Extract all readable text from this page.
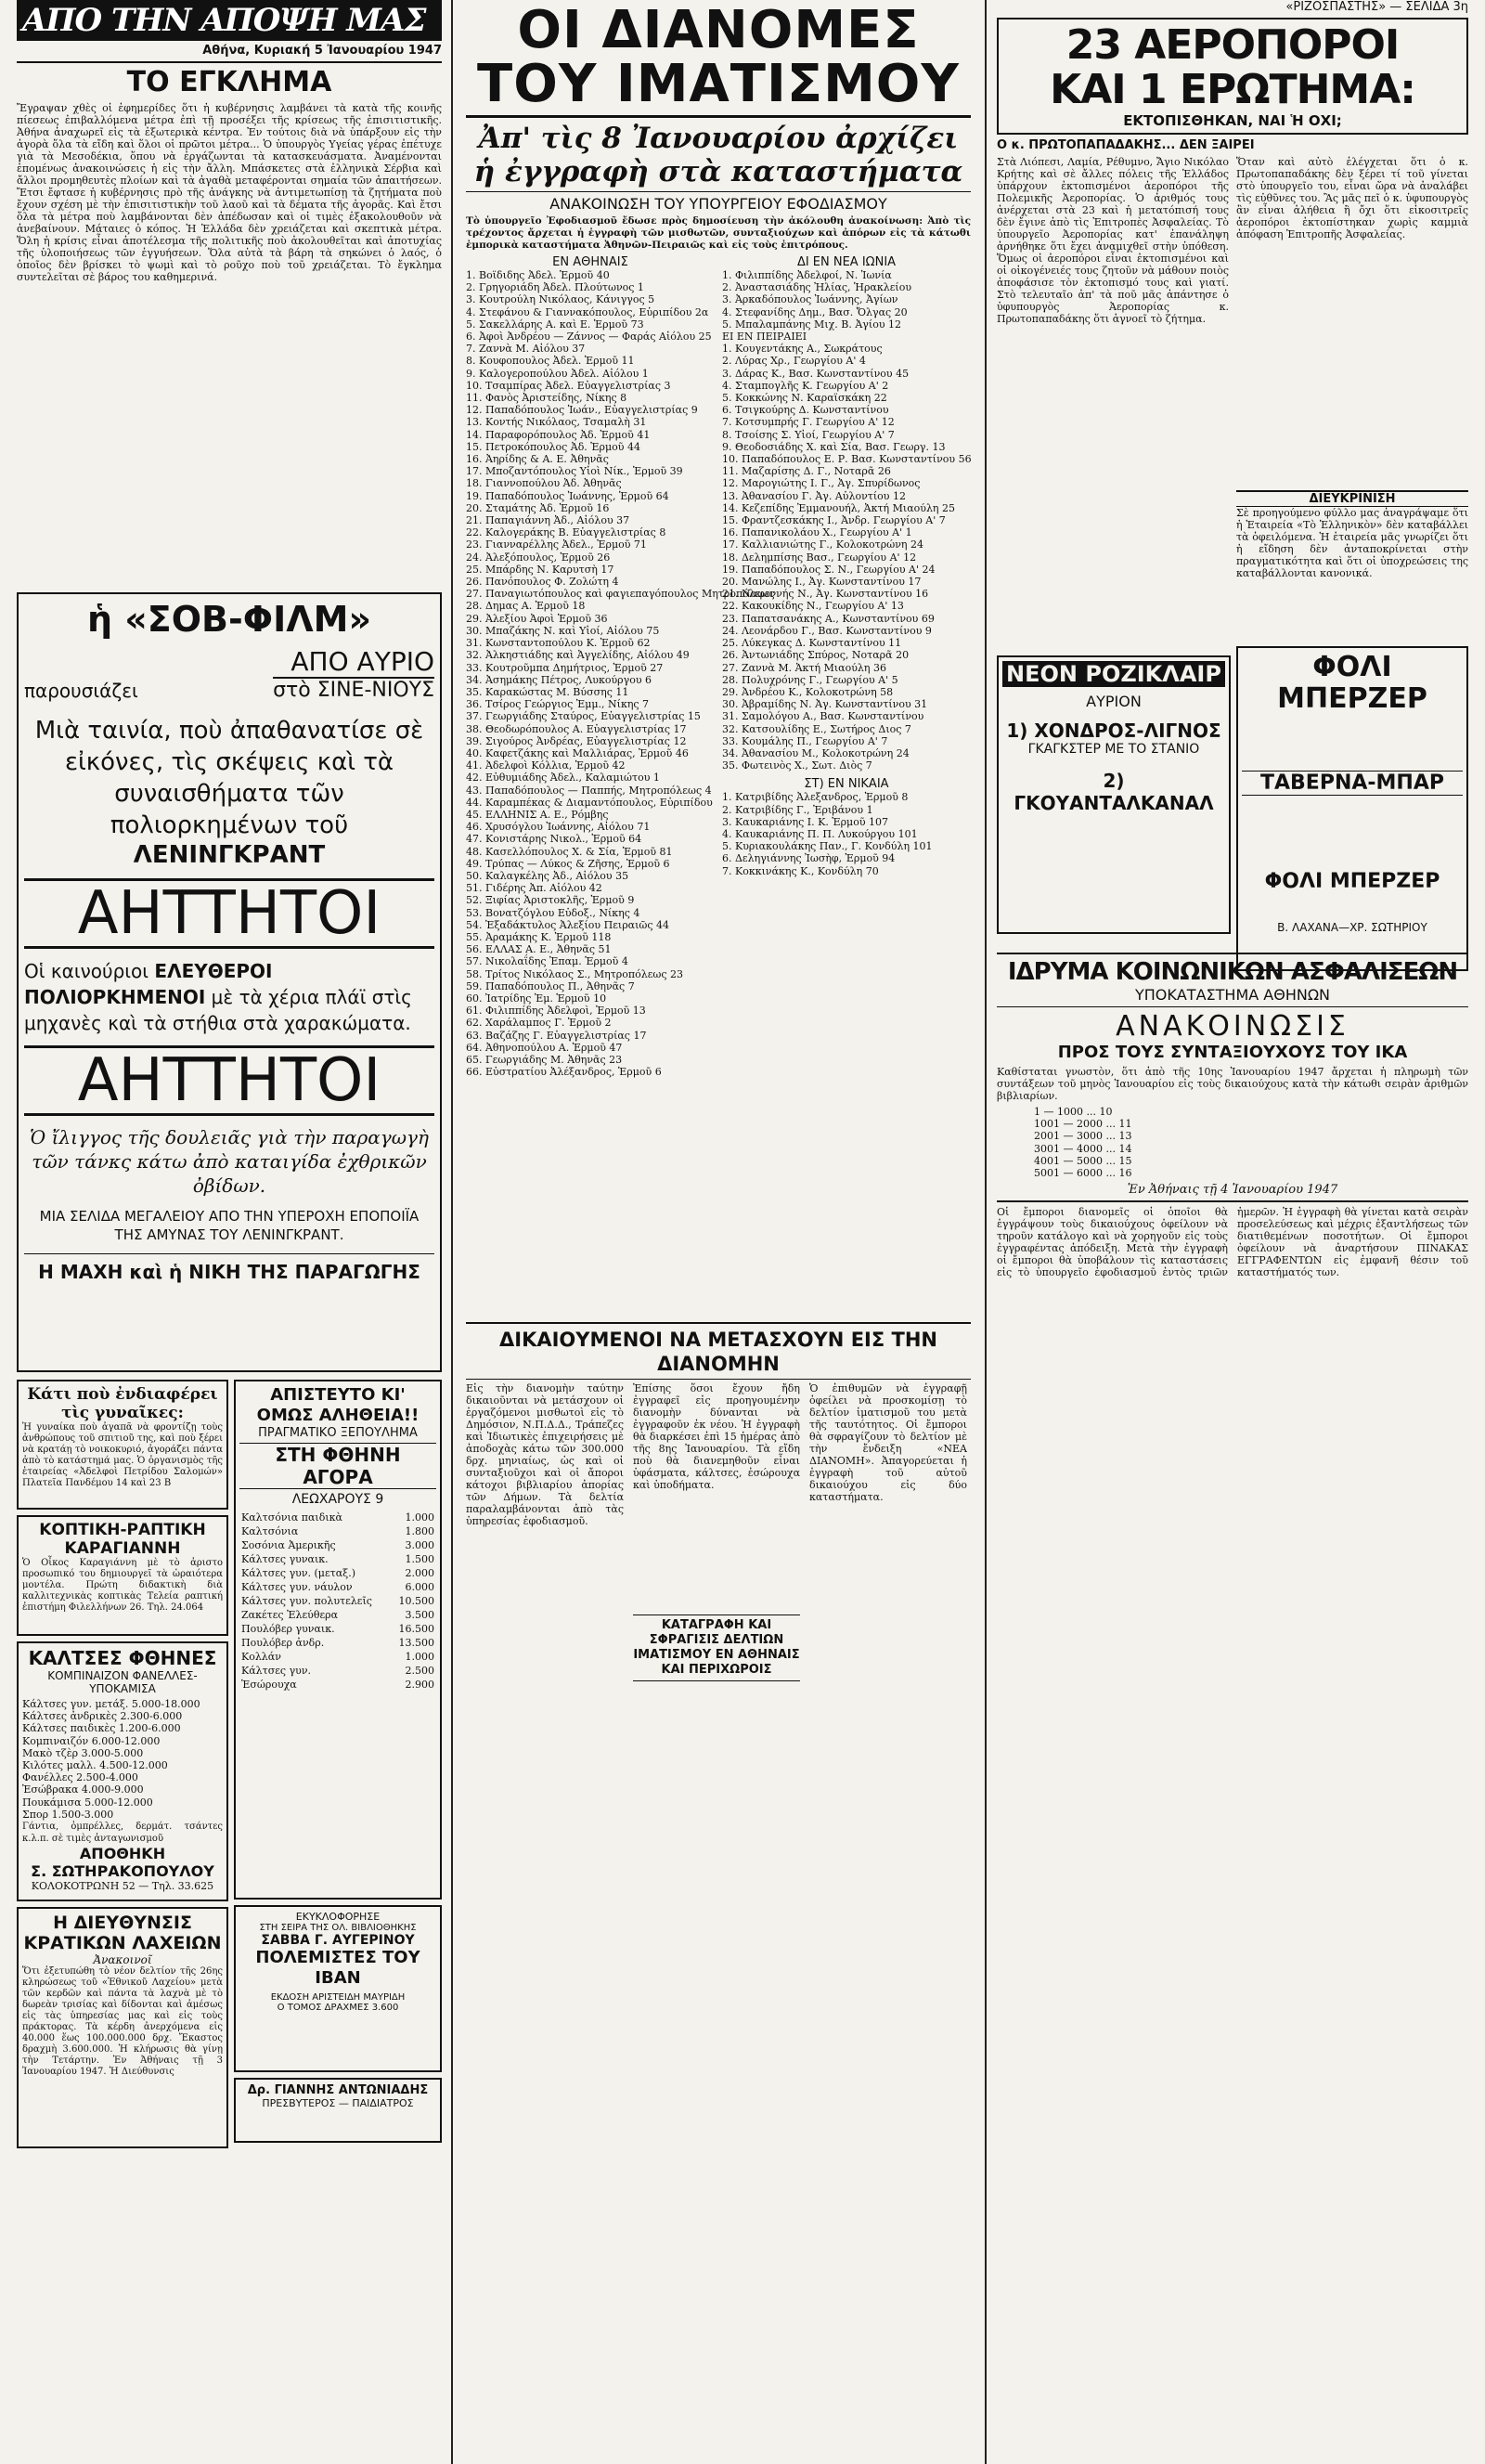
ΑΠΟ ΤΗΝ ΑΠΟΨΗ ΜΑΣ
Αθήνα, Κυριακή 5 Ἰανουαρίου 1947
ΤΟ ΕΓΚΛΗΜΑ

Ἔγραψαν χθὲς οἱ ἐφημερίδες ὅτι ἡ κυβέρνησις λαμβάνει τὰ κατὰ τῆς κοινῆς πίεσεως ἐπιβαλλόμενα μέτρα ἐπὶ τῇ προσέξει τῆς κρίσεως τῆς ἐπισιτιστικῆς. Ἀθήνα ἀναχωρεῖ εἰς τὰ ἐξωτερικὰ κέντρα. Ἐν τούτοις διὰ νὰ ὑπάρξουν εἰς τὴν ἀγορὰ ὅλα τὰ εἴδη καὶ ὅλοι οἱ πρῶτοι μέτρα... Ὁ ὑπουργὸς Υγείας γέρας ἐπέτυχε γιὰ τὰ Μεσοδέκια, ὅπου νὰ ἐργάζωνται τὰ κατασκευάσματα. Ἀναμένονται ἐπομένως ἀνακοινώσεις ἡ εἰς τὴν ἄλλη. Μπάσκετες στὰ ἐλληνικὰ Σέρβια καὶ ἄλλοι προμηθευτὲς πλοίων καὶ τὰ ἀγαθὰ μεταφέρονται σημαία τῶν ἀπαιτήσεων. Ἔτσι ἔφτασε ἡ κυβέρνησις πρὸ τῆς ἀνάγκης νὰ ἀντιμετωπίσῃ τὰ ζητήματα ποὺ ἔχουν σχέση μὲ τὴν ἐπισιτιστικὴν τοῦ λαοῦ καὶ τὰ δέματα τῆς ἀγορᾶς. Καὶ ἔτσι ὅλα τὰ μέτρα ποὺ λαμβάνονται δὲν ἀπέδωσαν καὶ οἱ τιμὲς ἐξακολουθοῦν νὰ ἀνεβαίνουν. Μάταιες ὁ κόπος. Ἡ Ἑλλάδα δὲν χρειάζεται καὶ σκεπτικὰ μέτρα. Ὅλη ἡ κρίσις εἶναι ἀποτέλεσμα τῆς πολιτικῆς ποὺ ἀκολουθεῖται καὶ ἀποτυχίας τῆς ὑλοποιήσεως τῶν ἐγγυήσεων. Ὅλα αὐτὰ τὰ βάρη τὰ σηκώνει ὁ λαός, ὁ ὁποῖος δὲν βρίσκει τὸ ψωμὶ καὶ τὸ ροῦχο ποὺ τοῦ χρειάζεται. Τὸ ἔγκλημα συντελεῖται σὲ βάρος του καθημερινά.

ἡ «ΣΟΒ-ΦΙΛΜ»
παρουσιάζει
ΑΠΟ ΑΥΡΙΟ
στὸ ΣΙΝΕ-ΝΙΟΥΣ

Μιὰ ταινία, ποὺ ἀπαθανατίσε σὲ εἰκόνες, τὶς σκέψεις καὶ τὰ συναισθήματα τῶν πολιορκημένων τοῦ

ΛΕΝΙΝΓΚΡΑΝΤ

ΑΗΤΤΗΤΟΙ

Οἱ καινούριοι ΕΛΕΥΘΕΡΟΙ ΠΟΛΙΟΡΚΗΜΕΝΟΙ μὲ τὰ χέρια πλάϊ στὶς μηχανὲς καὶ τὰ στήθια στὰ χαρακώματα.

ΑΗΤΤΗΤΟΙ

Ὁ ἴλιγγος τῆς δουλειᾶς γιὰ τὴν παραγωγὴ τῶν τάνκς κάτω ἀπὸ καταιγίδα ἐχθρικῶν ὀβίδων.

ΜΙΑ ΣΕΛΙΔΑ ΜΕΓΑΛΕΙΟΥ ΑΠΟ ΤΗΝ ΥΠΕΡΟΧΗ ΕΠΟΠΟΙΪΑ ΤΗΣ ΑΜΥΝΑΣ ΤΟΥ ΛΕΝΙΝΓΚΡΑΝΤ.

Η ΜΑΧΗ καὶ ἡ ΝΙΚΗ ΤΗΣ ΠΑΡΑΓΩΓΗΣ

Κάτι ποὺ ἐνδιαφέρει τὶς γυναῖκες:

Ἡ γυναίκα ποὺ ἀγαπᾶ νὰ φροντίζῃ τοὺς ἀνθρώπους τοῦ σπιτιοῦ της, καὶ ποὺ ξέρει νὰ κρατάῃ τὸ νοικοκυριό, ἀγοράζει πάντα ἀπὸ τὸ κατάστημά μας. Ὁ ὀργανισμὸς τῆς ἑταιρείας «Ἀδελφοὶ Πετρίδου Σαλομών» Πλατεῖα Πανδέμου 14 καὶ 23 Β

ΚΟΠΤΙΚΗ-ΡΑΠΤΙΚΗ ΚΑΡΑΓΙΑΝΝΗ

Ὁ Οἶκος Καραγιάννη μὲ τὸ ἀριστο προσωπικό του δημιουργεῖ τὰ ὡραιότερα μοντέλα. Πρώτη διδακτικὴ διὰ καλλιτεχνικὰς κοπτικὰς Τελεία ραπτική ἐπιστήμη Φιλελλήνων 26. Τηλ. 24.064

ΚΑΛΤΣΕΣ ΦΘΗΝΕΣ
ΚΟΜΠΙΝΑΙΖΟΝ ΦΑΝΕΛΛΕΣ-ΥΠΟΚΑΜΙΣΑ
Κάλτσες γυν. μετάξ. 5.000-18.000
Κάλτσες ἀνδρικὲς 2.300-6.000
Κάλτσες παιδικὲς 1.200-6.000
Κομπιναιζόν 6.000-12.000
Μακὸ τζὲρ 3.000-5.000
Κιλότες μαλλ. 4.500-12.000
Φανέλλες 2.500-4.000
Ἐσώβρακα 4.000-9.000
Πουκάμισα 5.000-12.000
Σπορ 1.500-3.000

Γάντια, ὀμπρέλλες, δερμάτ. τσάντες κ.λ.π. σὲ τιμὲς ἀνταγωνισμοῦ

ΑΠΟΘΗΚΗ
Σ. ΣΩΤΗΡΑΚΟΠΟΥΛΟΥ
ΚΟΛΟΚΟΤΡΩΝΗ 52 — Τηλ. 33.625
Η ΔΙΕΥΘΥΝΣΙΣ ΚΡΑΤΙΚΩΝ ΛΑΧΕΙΩΝ
Ἀνακοινοῖ

Ὅτι ἐξετυπώθη τὸ νέον δελτίον τῆς 26ης κληρώσεως τοῦ «Ἐθνικοῦ Λαχείου» μετὰ τῶν κερδῶν καὶ πάντα τὰ λαχνὰ μὲ τὸ δωρεὰν τρισίας καὶ δίδονται καὶ ἀμέσως εἰς τὰς ὑπηρεσίας μας καὶ εἰς τοὺς πράκτορας. Τὰ κέρδη ἀνερχόμενα εἰς 40.000 ἕως 100.000.000 δρχ. Ἔκαστος δραχμὴ 3.600.000. Ἡ κλήρωσις θὰ γίνῃ τὴν Τετάρτην. Ἐν Ἀθήναις τῇ 3 Ἰανουαρίου 1947. Ἡ Διεύθυνσις

ΑΠΙΣΤΕΥΤΟ ΚΙ' ΟΜΩΣ ΑΛΗΘΕΙΑ!!
ΠΡΑΓΜΑΤΙΚΟ ΞΕΠΟΥΛΗΜΑ
ΣΤΗ ΦΘΗΝΗ ΑΓΟΡΑ
ΛΕΩΧΑΡΟΥΣ 9
Καλτσόνια παιδικὰ	1.000
Καλτσόνια	1.800
Σοσόνια Ἀμερικῆς	3.000
Κάλτσες γυναικ.	1.500
Κάλτσες γυν. (μεταξ.)	2.000
Κάλτσες γυν. νάυλον	6.000
Κάλτσες γυν. πολυτελεῖς	10.500
Ζακέτες Ἐλεύθερα	3.500
Πουλόβερ γυναικ.	16.500
Πουλόβερ ἀνδρ.	13.500
Κολλάν	1.000
Κάλτσες γυν.	2.500
Ἐσώρουχα	2.900
ΕΚΥΚΛΟΦΟΡΗΣΕ
ΣΤΗ ΣΕΙΡΑ ΤΗΣ ΟΛ. ΒΙΒΛΙΟΘΗΚΗΣ
ΣΑΒΒΑ Γ. ΑΥΓΕΡΙΝΟΥ
ΠΟΛΕΜΙΣΤΕΣ ΤΟΥ ΙΒΑΝ
ΕΚΔΟΣΗ ΑΡΙΣΤΕΙΔΗ ΜΑΥΡΙΔΗ
Ο ΤΟΜΟΣ ΔΡΑΧΜΕΣ 3.600
Δρ. ΓΙΑΝΝΗΣ ΑΝΤΩΝΙΑΔΗΣ
ΠΡΕΣΒΥΤΕΡΟΣ — ΠΑΙΔΙΑΤΡΟΣ
ΟΙ ΔΙΑΝΟΜΕΣ
ΤΟΥ ΙΜΑΤΙΣΜΟΥ
Ἀπ' τὶς 8 Ἰανουαρίου ἀρχίζει
ἡ ἐγγραφὴ στὰ καταστήματα
ΑΝΑΚΟΙΝΩΣΗ ΤΟΥ ΥΠΟΥΡΓΕΙΟΥ ΕΦΟΔΙΑΣΜΟΥ

Τὸ ὑπουργεῖο Ἐφοδιασμοῦ ἔδωσε πρὸς δημοσίευση τὴν ἀκόλουθη ἀνακοίνωση: Ἀπὸ τὶς τρέχοντος ἄρχεται ἡ ἐγγραφὴ τῶν μισθωτῶν, συνταξιούχων καὶ ἀπόρων εἰς τὰ κάτωθι ἐμπορικὰ καταστήματα Ἀθηνῶν-Πειραιῶς καὶ εἰς τοὺς ἐπιτρόπους.

ΕΝ ΑΘΗΝΑΙΣ
1. Βοϊδιδης Ἀδελ. Ἑρμοῦ 40
2. Γρηγοριάδη Ἀδελ. Πλούτωνος 1
3. Κουτρούλη Νικόλαος, Κάνιγγος 5
4. Στεφάνου & Γιαννακόπουλος, Εὐριπίδου 2α
5. Σακελλάρης Α. καὶ Ε. Ἑρμοῦ 73
6. Ἀφοὶ Ἀνδρέου — Ζάννος — Φαράς Αἰόλου 25
7. Ζαννὰ Μ. Αἰόλου 37
8. Κουφοπουλος Ἀδελ. Ἑρμοῦ 11
9. Καλογεροπούλου Ἀδελ. Αἰόλου 1
10. Τσαμπίρας Ἀδελ. Εὐαγγελιστρίας 3
11. Φανὸς Ἀριστείδης, Νίκης 8
12. Παπαδόπουλος Ἰωάν., Εὐαγγελιστρίας 9
13. Κοντής Νικόλαος, Τσαμαλὴ 31
14. Παραφορόπουλος Ἀδ. Ἑρμοῦ 41
15. Πετροκόπουλος Ἀδ. Ἑρμοῦ 44
16. Ἀηρίδης & Α. Ε. Ἀθηνᾶς
17. Μποζαντόπουλος Υἱοὶ Νίκ., Ἑρμοῦ 39
18. Γιαννοπούλου Ἀδ. Ἀθηνᾶς
19. Παπαδόπουλος Ἰωάννης, Ἑρμοῦ 64
20. Σταμάτης Ἀδ. Ἑρμοῦ 16
21. Παπαγιάννη Ἀδ., Αἰόλου 37
22. Καλογεράκης Β. Εὐαγγελιστρίας 8
23. Γιανναρέλλης Ἀδελ., Ἑρμοῦ 71
24. Ἀλεξόπουλος, Ἑρμοῦ 26
25. Μπάρδης Ν. Καρυτσὴ 17
26. Πανόπουλος Φ. Ζολώτη 4
27. Παναγιωτόπουλος καὶ φαγιεπαγόπουλος Μητροπόλεως
28. Δημας Α. Ἑρμοῦ 18
29. Ἀλεξίου Ἀφοὶ Ἑρμοῦ 36
30. Μπαζάκης Ν. καὶ Υἱοί, Αἰόλου 75
31. Κωνσταντοπούλου Κ. Ἑρμοῦ 62
32. Ἀλκηστιάδης καὶ Ἀγγελίδης, Αἰόλου 49
33. Κουτροῦμπα Δημήτριος, Ἑρμοῦ 27
34. Ἀσημάκης Πέτρος, Λυκούργου 6
35. Καρακώστας Μ. Βύσσης 11
36. Τσίρος Γεώργιος Ἐμμ., Νίκης 7
37. Γεωργιάδης Σταύρος, Εὐαγγελιστρίας 15
38. Θεοδωρόπουλος Α. Εὐαγγελιστρίας 17
39. Σιγούρος Ἀνδρέας, Εὐαγγελιστρίας 12
40. Καφετζάκης καὶ Μαλλιάρας, Ἑρμοῦ 46
41. Ἀδελφοὶ Κόλλια, Ἑρμοῦ 42
42. Εὐθυμιάδης Ἀδελ., Καλαμιώτου 1
43. Παπαδόπουλος — Παππής, Μητροπόλεως 4
44. Καραμπέκας & Διαμαντόπουλος, Εὐριπίδου
45. ΕΛΛΗΝΙΣ Α. Ε., Ρόμβης
46. Χρυσόγλου Ἰωάννης, Αἰόλου 71
47. Κονιστάρης Νικολ., Ἑρμοῦ 64
48. Κασελλόπουλος Χ. & Σία, Ἑρμοῦ 81
49. Τρύπας — Λύκος & Ζῆσης, Ἑρμοῦ 6
50. Καλαγκέλης Ἀδ., Αἰόλου 35
51. Γιδέρης Ἀπ. Αἰόλου 42
52. Ξιφίας Ἀριστοκλῆς, Ἑρμοῦ 9
53. Βονατζόγλου Εὐδοξ., Νίκης 4
54. Ἐξαδάκτυλος Ἀλεξίου Πειραιῶς 44
55. Ἀραμάκης Κ. Ἑρμοῦ 118
56. ΕΛΛΑΣ Α. Ε., Ἀθηνᾶς 51
57. Νικολαΐδης Ἐπαμ. Ἑρμοῦ 4
58. Τρίτος Νικόλαος Σ., Μητροπόλεως 23
59. Παπαδόπουλος Π., Ἀθηνᾶς 7
60. Ἰατρίδης Ἐμ. Ἑρμοῦ 10
61. Φιλιππίδης Ἀδελφοὶ, Ἑρμοῦ 13
62. Χαράλαμπος Γ. Ἑρμοῦ 2
63. Βαζάζης Γ. Εὐαγγελιστρίας 17
64. Ἀθηνοπούλου Α. Ἑρμοῦ 47
65. Γεωργιάδης Μ. Ἀθηνᾶς 23
66. Εὐστρατίου Ἀλέξανδρος, Ἑρμοῦ 6
ΔΙ ΕΝ ΝΕΑ ΙΩΝΙΑ
1. Φιλιππίδης Ἀδελφοί, Ν. Ἰωνία
2. Ἀναστασιάδης Ἠλίας, Ἡρακλείου
3. Ἀρκαδόπουλος Ἰωάννης, Ἀγίων
4. Στεφανίδης Δημ., Βασ. Ὄλγας 20
5. Μπαλαμπάνης Μιχ. Β. Ἀγίου 12
ΕΙ ΕΝ ΠΕΙΡΑΙΕΙ
1. Κουγεντάκης Α., Σωκράτους
2. Λύρας Χρ., Γεωργίου Α' 4
3. Δάρας Κ., Βασ. Κωνσταντίνου 45
4. Σταμπογλῆς Κ. Γεωργίου Α' 2
5. Κοκκώνης Ν. Καραϊσκάκη 22
6. Τσιγκούρης Δ. Κωνσταντίνου
7. Κοτσυμπρής Γ. Γεωργίου Α' 12
8. Τσοίσης Σ. Υἱοί, Γεωργίου Α' 7
9. Θεοδοσιάδης Χ. καὶ Σία, Βασ. Γεωργ. 13
10. Παπαδόπουλος Ε. Ρ. Βασ. Κωνσταντίνου 56
11. Μαζαρίσης Δ. Γ., Νοταρᾶ 26
12. Μαρογιώτης Ι. Γ., Ἀγ. Σπυρίδωνος
13. Ἀθανασίου Γ. Ἀγ. Αὐλοντίου 12
14. Κεζεπίδης Ἐμμανουήλ, Ἀκτή Μιαούλη 25
15. Φραντζεσκάκης Ι., Ἀνδρ. Γεωργίου Α' 7
16. Παπανικολάου Χ., Γεωργίου Α' 1
17. Καλλιανιώτης Γ., Κολοκοτρώνη 24
18. Δελημπίσης Βασ., Γεωργίου Α' 12
19. Παπαδόπουλος Σ. Ν., Γεωργίου Α' 24
20. Μανώλης Ι., Ἀγ. Κωνσταντίνου 17
21. Ναφεννής Ν., Ἀγ. Κωνσταντίνου 16
22. Κακουκίδης Ν., Γεωργίου Α' 13
23. Παπατσανάκης Α., Κωνσταντίνου 69
24. Λεονάρδου Γ., Βασ. Κωνσταντίνου 9
25. Λύκεγκας Δ. Κωνσταντίνου 11
26. Ἀντωνιάδης Σπύρος, Νοταρᾶ 20
27. Ζαννὰ Μ. Ἀκτή Μιαούλη 36
28. Πολυχρόνης Γ., Γεωργίου Α' 5
29. Ἀνδρέου Κ., Κολοκοτρώνη 58
30. Ἀβραμίδης Ν. Ἀγ. Κωνσταντίνου 31
31. Σαμολόγου Α., Βασ. Κωνσταντίνου
32. Κατσουλίδης Ε., Σωτήρος Διος 7
33. Κουμάλης Π., Γεωργίου Α' 7
34. Ἀθανασίου Μ., Κολοκοτρώνη 24
35. Φωτεινὸς Χ., Σωτ. Διὸς 7
ΣΤ) ΕΝ ΝΙΚΑΙΑ
1. Κατριβίδης Ἀλεξανδρος, Ἑρμοῦ 8
2. Κατριβίδης Γ., Ἐριβάνου 1
3. Καυκαριάνης Ι. Κ. Ἑρμοῦ 107
4. Καυκαριάνης Π. Π. Λυκούργου 101
5. Κυριακουλάκης Παν., Γ. Κονδύλη 101
6. Δεληγιάννης Ἰωσὴφ, Ἑρμοῦ 94
7. Κοκκινάκης Κ., Κονδύλη 70
ΔΙΚΑΙΟΥΜΕΝΟΙ ΝΑ ΜΕΤΑΣΧΟΥΝ ΕΙΣ ΤΗΝ ΔΙΑΝΟΜΗΝ

Εἰς τὴν διανομὴν ταύτην δικαιοῦνται νὰ μετάσχουν οἱ ἐργαζόμενοι μισθωτοὶ εἰς τὸ Δημόσιον, Ν.Π.Δ.Δ., Τράπεζες καὶ Ἰδιωτικὲς ἐπιχειρήσεις μὲ ἀποδοχὰς κάτω τῶν 300.000 δρχ. μηνιαίως, ὡς καὶ οἱ συνταξιοῦχοι καὶ οἱ ἄποροι κάτοχοι βιβλιαρίου ἀπορίας τῶν Δήμων. Τὰ δελτία παραλαμβάνονται ἀπὸ τὰς ὑπηρεσίας ἐφοδιασμοῦ.

Ἐπίσης ὅσοι ἔχουν ἤδη ἐγγραφεῖ εἰς προηγουμένην διανομὴν δύνανται νὰ ἐγγραφοῦν ἐκ νέου. Ἡ ἐγγραφὴ θὰ διαρκέσει ἐπὶ 15 ἡμέρας ἀπὸ τῆς 8ης Ἰανουαρίου. Τὰ εἴδη ποὺ θὰ διανεμηθοῦν εἶναι ὑφάσματα, κάλτσες, ἐσώρουχα καὶ ὑποδήματα.

ΚΑΤΑΓΡΑΦΗ ΚΑΙ ΣΦΡΑΓΙΣΙΣ ΔΕΛΤΙΩΝ ΙΜΑΤΙΣΜΟΥ ΕΝ ΑΘΗΝΑΙΣ ΚΑΙ ΠΕΡΙΧΩΡΟΙΣ

Ὁ ἐπιθυμῶν νὰ ἐγγραφῇ ὀφείλει νὰ προσκομίσῃ τὸ δελτίον ἱματισμοῦ του μετὰ τῆς ταυτότητος. Οἱ ἔμποροι θὰ σφραγίζουν τὸ δελτίον μὲ τὴν ἔνδειξη «ΝΕΑ ΔΙΑΝΟΜΗ». Ἀπαγορεύεται ἡ ἐγγραφὴ τοῦ αὐτοῦ δικαιούχου εἰς δύο καταστήματα.

«ΡΙΖΟΣΠΑΣΤΗΣ» — ΣΕΛΙΔΑ 3η
23 ΑΕΡΟΠΟΡΟΙ
ΚΑΙ 1 ΕΡΩΤΗΜΑ:
ΕΚΤΟΠΙΣΘΗΚΑΝ, ΝΑΙ Ἡ ΟΧΙ;
Ο κ. ΠΡΩΤΟΠΑΠΑΔΑΚΗΣ... ΔΕΝ ΞΑΙΡΕΙ

Στὰ Λιόπεσι, Λαμία, Ρέθυμνο, Ἄγιο Νικόλαο Κρήτης καὶ σὲ ἄλλες πόλεις τῆς Ἑλλάδος ὑπάρχουν ἐκτοπισμένοι ἀεροπόροι τῆς Πολεμικῆς Ἀεροπορίας. Ὁ ἀριθμός τους ἀνέρχεται στὰ 23 καὶ ἡ μετατόπισή τους δὲν ἔγινε ἀπὸ τὶς Ἐπιτροπὲς Ἀσφαλείας. Τὸ ὑπουργεῖο Ἀεροπορίας κατ' ἐπανάληψη ἀρνήθηκε ὅτι ἔχει ἀναμιχθεῖ στὴν ὑπόθεση. Ὅμως οἱ ἀεροπόροι εἶναι ἐκτοπισμένοι καὶ οἱ οἰκογένειές τους ζητοῦν νὰ μάθουν ποιὸς ἀποφάσισε τὸν ἐκτοπισμό τους καὶ γιατί. Στὸ τελευταῖο ἀπ' τὰ ποῦ μᾶς ἀπάντησε ὁ ὑφυπουργὸς Ἀεροπορίας κ. Πρωτοπαπαδάκης ὅτι ἀγνοεῖ τὸ ζήτημα.

Ὅταν καὶ αὐτὸ ἐλέγχεται ὅτι ὁ κ. Πρωτοπαπαδάκης δὲν ξέρει τί τοῦ γίνεται στὸ ὑπουργεῖο του, εἶναι ὥρα νὰ ἀναλάβει τὶς εὐθῦνες του. Ἂς μᾶς πεῖ ὁ κ. ὑφυπουργὸς ἂν εἶναι ἀλήθεια ἢ ὄχι ὅτι εἰκοσιτρεῖς ἀεροπόροι ἐκτοπίστηκαν χωρὶς καμμιὰ ἀπόφαση Ἐπιτροπῆς Ἀσφαλείας.

ΔΙΕΥΚΡΙΝΙΣΗ

Σὲ προηγούμενο φύλλο μας ἀναγράψαμε ὅτι ἡ Ἑταιρεία «Τὸ Ἑλληνικὸν» δὲν καταβάλλει τὰ ὀφειλόμενα. Ἡ ἑταιρεία μᾶς γνωρίζει ὅτι ἡ εἴδηση δὲν ἀνταποκρίνεται στὴν πραγματικότητα καὶ ὅτι οἱ ὑποχρεώσεις της καταβάλλονται κανονικά.

ΦΟΛΙ ΜΠΕΡΖΕΡ
ΤΑΒΕΡΝΑ-ΜΠΑΡ
ΦΟΛΙ ΜΠΕΡΖΕΡ
Β. ΛΑΧΑΝΑ—ΧΡ. ΣΩΤΗΡΙΟΥ
ΝΕΟΝ ΡΟΖΙΚΛΑΙΡ
ΑΥΡΙΟΝ
1) ΧΟΝΔΡΟΣ-ΛΙΓΝΟΣ
ΓΚΑΓΚΣΤΕΡ ΜΕ ΤΟ ΣΤΑΝΙΟ
2) ΓΚΟΥΑΝΤΑΛΚΑΝΑΛ
ΙΔΡΥΜΑ ΚΟΙΝΩΝΙΚΩΝ ΑΣΦΑΛΙΣΕΩΝ
ΥΠΟΚΑΤΑΣΤΗΜΑ ΑΘΗΝΩΝ
ΑΝΑΚΟΙΝΩΣΙΣ
ΠΡΟΣ ΤΟΥΣ ΣΥΝΤΑΞΙΟΥΧΟΥΣ ΤΟΥ ΙΚΑ

Καθίσταται γνωστὸν, ὅτι ἀπὸ τῆς 10ης Ἰανουαρίου 1947 ἄρχεται ἡ πληρωμὴ τῶν συντάξεων τοῦ μηνὸς Ἰανουαρίου εἰς τοὺς δικαιούχους κατὰ τὴν κάτωθι σειρὰν ἀριθμῶν βιβλιαρίων.

1 — 1000 ... 10
1001 — 2000 ... 11
2001 — 3000 ... 13
3001 — 4000 ... 14
4001 — 5000 ... 15
5001 — 6000 ... 16
Ἐν Ἀθήναις τῇ 4 Ἰανουαρίου 1947

Οἱ ἔμποροι διανομεῖς οἱ ὁποῖοι θὰ ἐγγράψουν τοὺς δικαιούχους ὀφείλουν νὰ τηροῦν κατάλογο καὶ νὰ χορηγοῦν εἰς τοὺς ἐγγραφέντας ἀπόδειξη. Μετὰ τὴν ἐγγραφὴ οἱ ἔμποροι θὰ ὑποβάλουν τὶς καταστάσεις εἰς τὸ ὑπουργεῖο ἐφοδιασμοῦ ἐντὸς τριῶν ἡμερῶν. Ἡ ἐγγραφὴ θὰ γίνεται κατὰ σειρὰν προσελεύσεως καὶ μέχρις ἐξαντλήσεως τῶν διατιθεμένων ποσοτήτων. Οἱ ἔμποροι ὀφείλουν νὰ ἀναρτήσουν ΠΙΝΑΚΑΣ ΕΓΓΡΑΦΕΝΤΩΝ εἰς ἐμφανῆ θέσιν τοῦ καταστήματός των.
